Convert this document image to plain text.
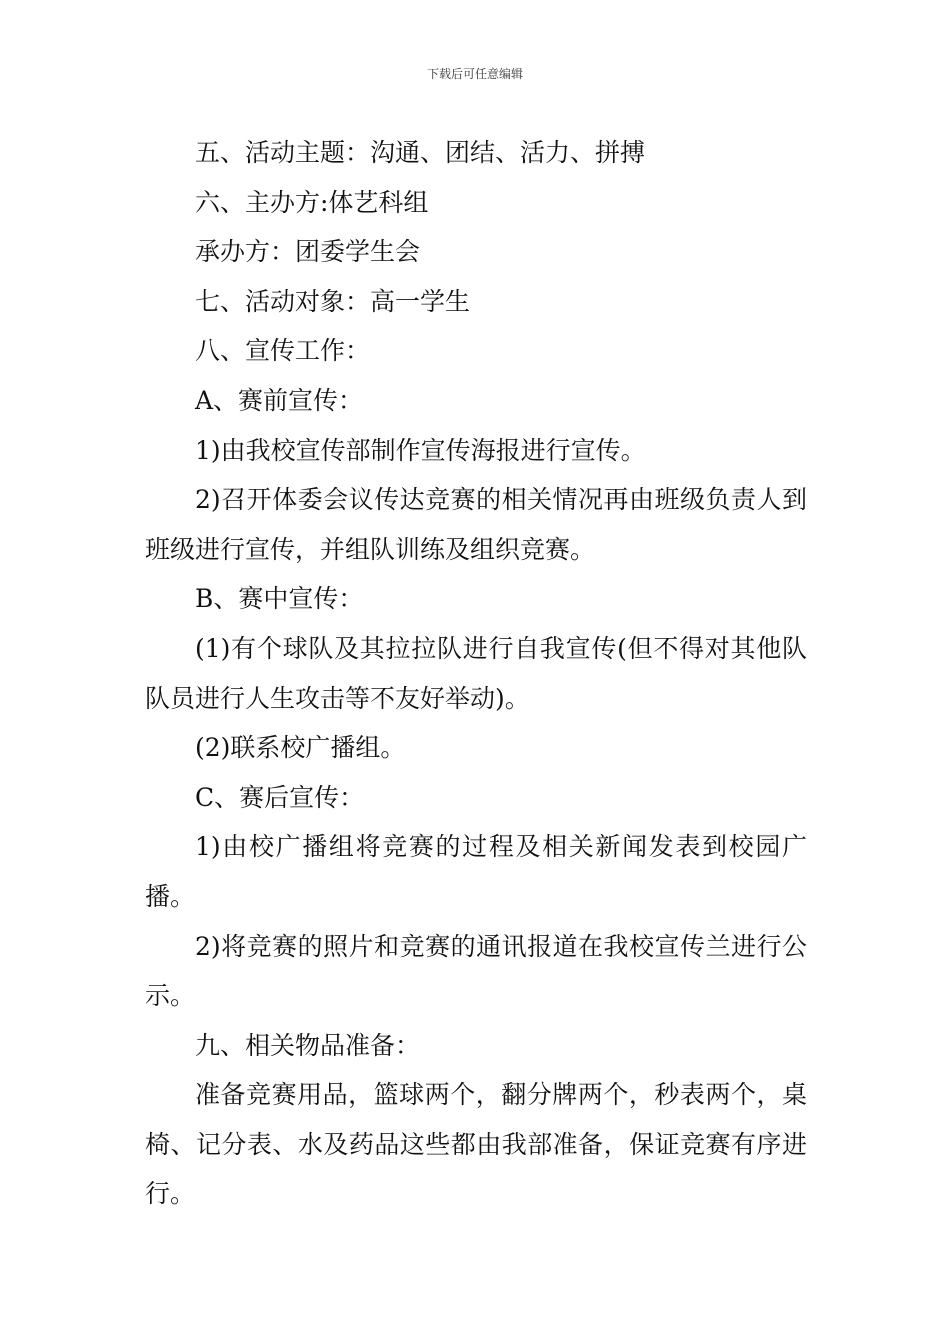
下载后可任意编辑

五、活动主题：沟通、团结、活力、拼搏

六、主办方:体艺科组

承办方：团委学生会

七、活动对象：高一学生

八、宣传工作：

A、赛前宣传：

1)由我校宣传部制作宣传海报进行宣传。

2)召开体委会议传达竞赛的相关情况再由班级负责人到班级进行宣传，并组队训练及组织竞赛。

B、赛中宣传：

(1)有个球队及其拉拉队进行自我宣传(但不得对其他队队员进行人生攻击等不友好举动)。

(2)联系校广播组。

C、赛后宣传：

1)由校广播组将竞赛的过程及相关新闻发表到校园广播。

2)将竞赛的照片和竞赛的通讯报道在我校宣传兰进行公示。

九、相关物品准备：

准备竞赛用品，篮球两个，翻分牌两个，秒表两个，桌椅、记分表、水及药品这些都由我部准备，保证竞赛有序进行。
